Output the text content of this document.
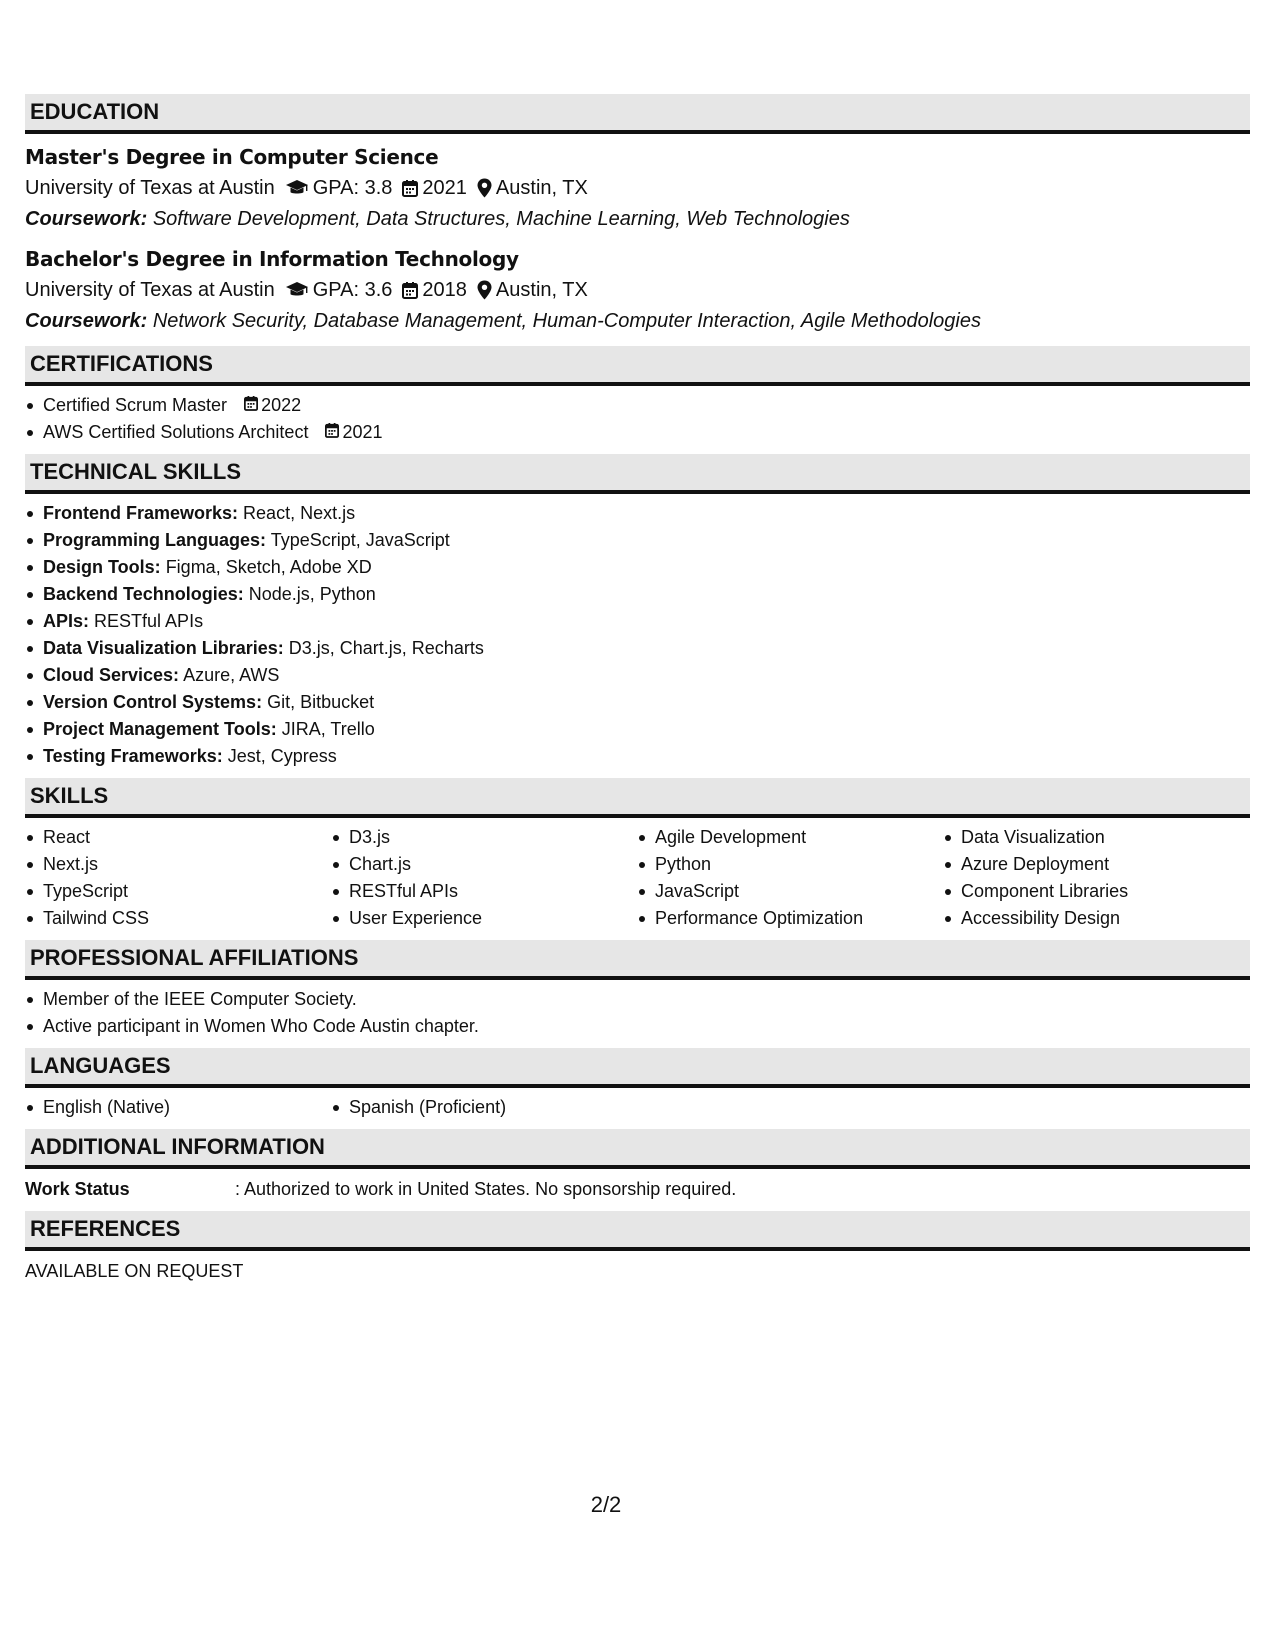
EDUCATION
Master's Degree in Computer Science
University of Texas at Austin GPA: 3.8 2021 Austin, TX
Coursework: Software Development, Data Structures, Machine Learning, Web Technologies
Bachelor's Degree in Information Technology
University of Texas at Austin GPA: 3.6 2018 Austin, TX
Coursework: Network Security, Database Management, Human-Computer Interaction, Agile Methodologies
CERTIFICATIONS
Certified Scrum Master 2022
AWS Certified Solutions Architect 2021
TECHNICAL SKILLS
Frontend Frameworks: React, Next.js
Programming Languages: TypeScript, JavaScript
Design Tools: Figma, Sketch, Adobe XD
Backend Technologies: Node.js, Python
APIs: RESTful APIs
Data Visualization Libraries: D3.js, Chart.js, Recharts
Cloud Services: Azure, AWS
Version Control Systems: Git, Bitbucket
Project Management Tools: JIRA, Trello
Testing Frameworks: Jest, Cypress
SKILLS
React
Next.js
TypeScript
Tailwind CSS
D3.js
Chart.js
RESTful APIs
User Experience
Agile Development
Python
JavaScript
Performance Optimization
Data Visualization
Azure Deployment
Component Libraries
Accessibility Design
PROFESSIONAL AFFILIATIONS
Member of the IEEE Computer Society.
Active participant in Women Who Code Austin chapter.
LANGUAGES
English (Native)	Spanish (Proficient)
ADDITIONAL INFORMATION
Work Status	: Authorized to work in United States. No sponsorship required.
REFERENCES
AVAILABLE ON REQUEST
2/2
